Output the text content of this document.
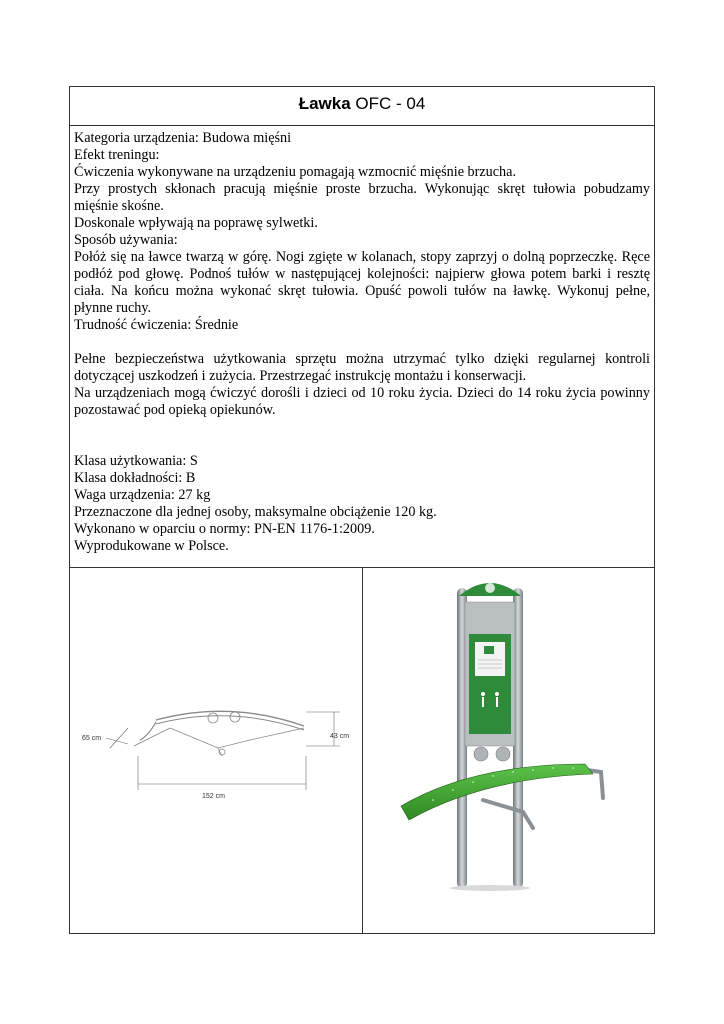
Ławka OFC - 04

Kategoria urządzenia: Budowa mięśni

Efekt treningu:

Ćwiczenia wykonywane na urządzeniu pomagają wzmocnić mięśnie brzucha.

Przy prostych skłonach pracują mięśnie proste brzucha. Wykonując skręt tułowia pobudzamy mięśnie skośne.

Doskonale wpływają na poprawę sylwetki.

Sposób używania:

Połóż się na ławce twarzą w górę. Nogi zgięte w kolanach, stopy zaprzyj o dolną poprzeczkę. Ręce podłóż pod głowę. Podnoś tułów w następującej kolejności: najpierw głowa potem barki i resztę ciała. Na końcu można wykonać skręt tułowia. Opuść powoli tułów na ławkę. Wykonuj pełne, płynne ruchy.

Trudność ćwiczenia: Średnie

Pełne bezpieczeństwa użytkowania sprzętu można utrzymać tylko dzięki regularnej kontroli dotyczącej uszkodzeń i zużycia. Przestrzegać instrukcję montażu i konserwacji.

Na urządzeniach mogą ćwiczyć dorośli i dzieci od 10 roku życia. Dzieci do 14 roku życia powinny pozostawać pod opieką opiekunów.

Klasa użytkowania: S

Klasa dokładności: B

Waga urządzenia: 27 kg

Przeznaczone dla jednej osoby, maksymalne obciążenie 120 kg.

Wykonano w oparciu o normy: PN-EN 1176-1:2009.

Wyprodukowane w Polsce.

65 cm	43 cm
152 cm
